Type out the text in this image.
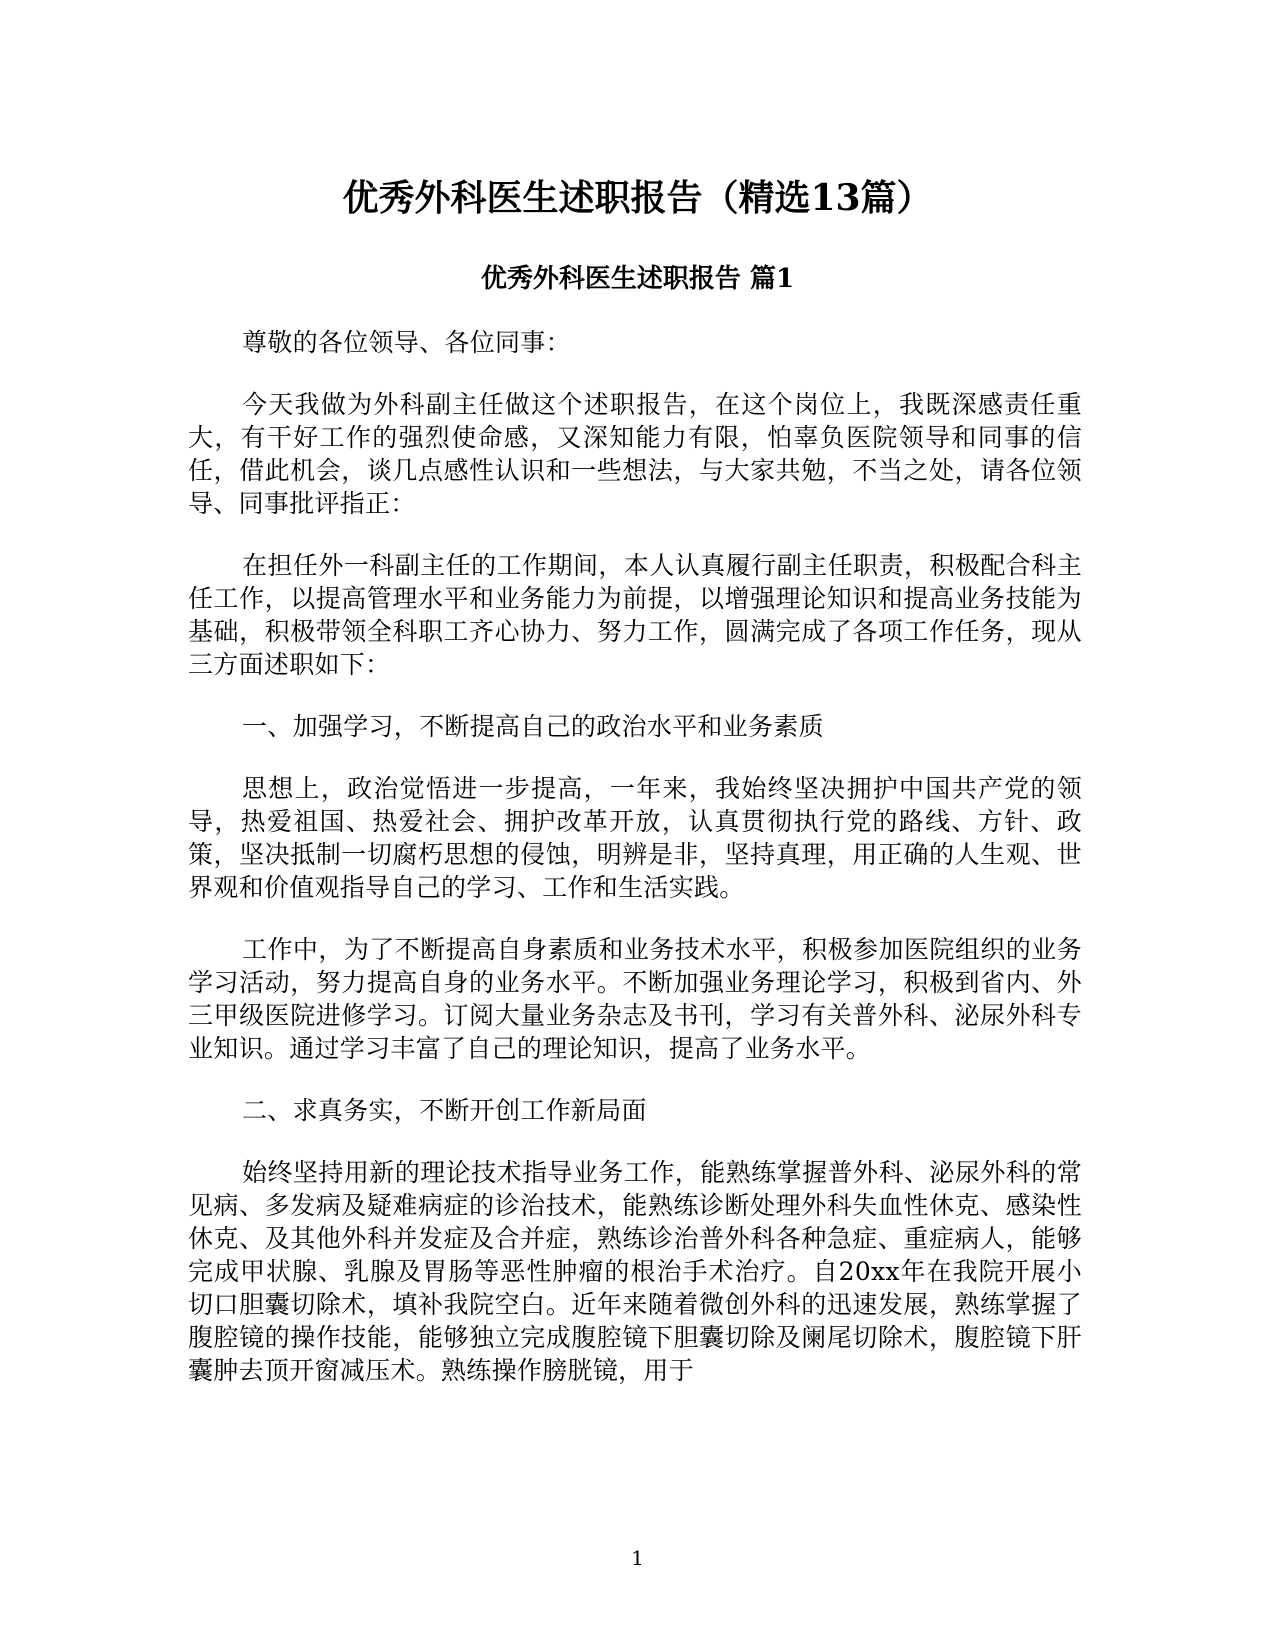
优秀外科医生述职报告（精选13篇）
优秀外科医生述职报告 篇1

尊敬的各位领导、各位同事：

今天我做为外科副主任做这个述职报告，在这个岗位上，我既深感责任重大，有干好工作的强烈使命感，又深知能力有限，怕辜负医院领导和同事的信任，借此机会，谈几点感性认识和一些想法，与大家共勉，不当之处，请各位领导、同事批评指正：

在担任外一科副主任的工作期间，本人认真履行副主任职责，积极配合科主任工作，以提高管理水平和业务能力为前提，以增强理论知识和提高业务技能为基础，积极带领全科职工齐心协力、努力工作，圆满完成了各项工作任务，现从三方面述职如下：

一、加强学习，不断提高自己的政治水平和业务素质

思想上，政治觉悟进一步提高，一年来，我始终坚决拥护中国共产党的领导，热爱祖国、热爱社会、拥护改革开放，认真贯彻执行党的路线、方针、政策，坚决抵制一切腐朽思想的侵蚀，明辨是非，坚持真理，用正确的人生观、世界观和价值观指导自己的学习、工作和生活实践。

工作中，为了不断提高自身素质和业务技术水平，积极参加医院组织的业务学习活动，努力提高自身的业务水平。不断加强业务理论学习，积极到省内、外三甲级医院进修学习。订阅大量业务杂志及书刊，学习有关普外科、泌尿外科专业知识。通过学习丰富了自己的理论知识，提高了业务水平。

二、求真务实，不断开创工作新局面

始终坚持用新的理论技术指导业务工作，能熟练掌握普外科、泌尿外科的常见病、多发病及疑难病症的诊治技术，能熟练诊断处理外科失血性休克、感染性休克、及其他外科并发症及合并症，熟练诊治普外科各种急症、重症病人，能够完成甲状腺、乳腺及胃肠等恶性肿瘤的根治手术治疗。自20xx年在我院开展小切口胆囊切除术，填补我院空白。近年来随着微创外科的迅速发展，熟练掌握了腹腔镜的操作技能，能够独立完成腹腔镜下胆囊切除及阑尾切除术，腹腔镜下肝囊肿去顶开窗减压术。熟练操作膀胱镜，用于

1
